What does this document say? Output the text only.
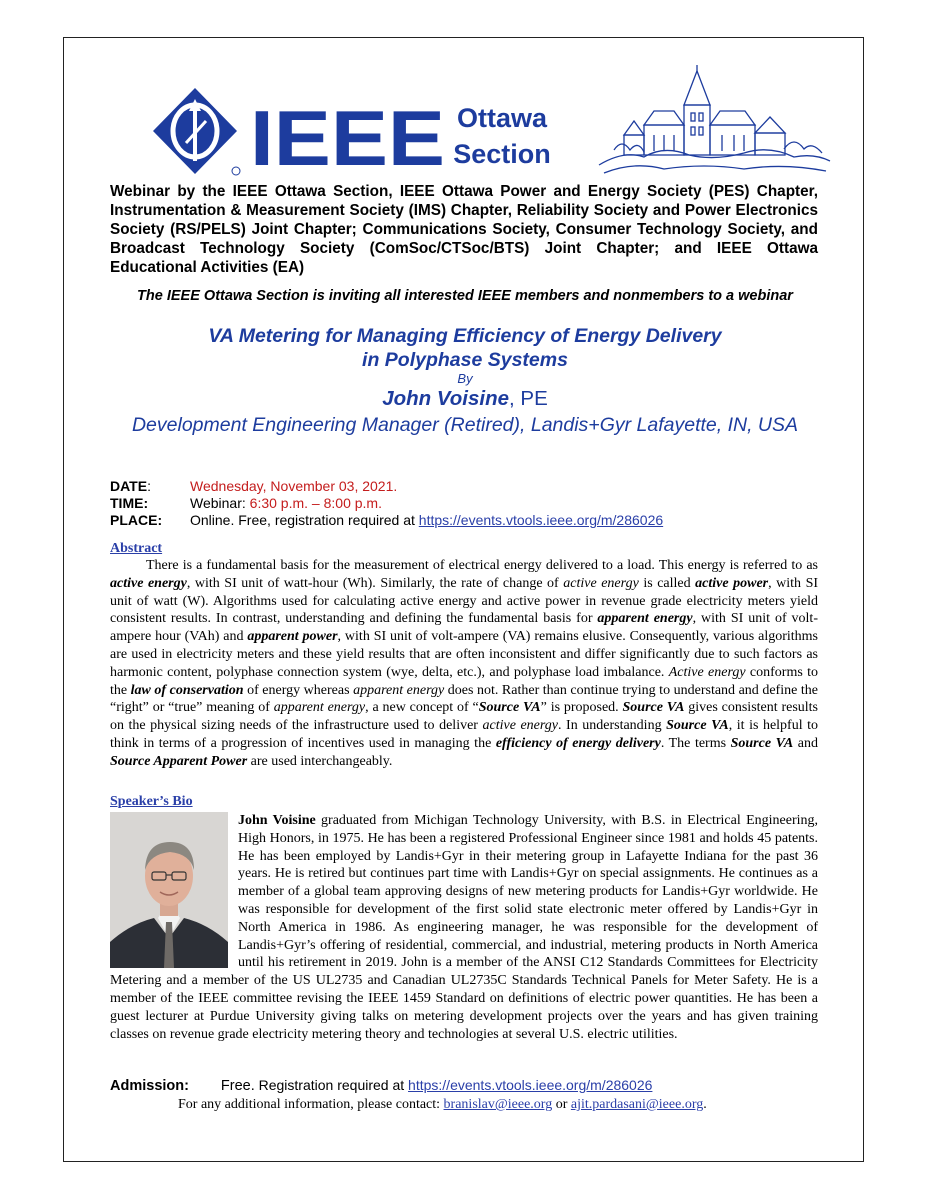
IEEE Ottawa
Section
Webinar by the IEEE Ottawa Section, IEEE Ottawa Power and Energy Society (PES) Chapter, Instrumentation & Measurement Society (IMS) Chapter, Reliability Society and Power Electronics Society (RS/PELS) Joint Chapter; Communications Society, Consumer Technology Society, and Broadcast Technology Society (ComSoc/CTSoc/BTS) Joint Chapter; and IEEE Ottawa Educational Activities (EA)
The IEEE Ottawa Section is inviting all interested IEEE members and nonmembers to a webinar
VA Metering for Managing Efficiency of Energy Delivery
in Polyphase Systems
By
John Voisine, PE
Development Engineering Manager (Retired), Landis+Gyr Lafayette, IN, USA
DATE:	Wednesday, November 03, 2021.
TIME:	Webinar: 6:30 p.m. – 8:00 p.m.
PLACE:	Online. Free, registration required at https://events.vtools.ieee.org/m/286026
Abstract
There is a fundamental basis for the measurement of electrical energy delivered to a load. This energy is referred to as active energy, with SI unit of watt-hour (Wh). Similarly, the rate of change of active energy is called active power, with SI unit of watt (W). Algorithms used for calculating active energy and active power in revenue grade electricity meters yield consistent results. In contrast, understanding and defining the fundamental basis for apparent energy, with SI unit of volt-ampere hour (VAh) and apparent power, with SI unit of volt-ampere (VA) remains elusive. Consequently, various algorithms are used in electricity meters and these yield results that are often inconsistent and differ significantly due to such factors as harmonic content, polyphase connection system (wye, delta, etc.), and polyphase load imbalance. Active energy conforms to the law of conservation of energy whereas apparent energy does not. Rather than continue trying to understand and define the “right” or “true” meaning of apparent energy, a new concept of “Source VA” is proposed. Source VA gives consistent results on the physical sizing needs of the infrastructure used to deliver active energy. In understanding Source VA, it is helpful to think in terms of a progression of incentives used in managing the efficiency of energy delivery. The terms Source VA and Source Apparent Power are used interchangeably.
Speaker’s Bio
John Voisine graduated from Michigan Technology University, with B.S. in Electrical Engineering, High Honors, in 1975. He has been a registered Professional Engineer since 1981 and holds 45 patents. He has been employed by Landis+Gyr in their metering group in Lafayette Indiana for the past 36 years. He is retired but continues part time with Landis+Gyr on special assignments. He continues as a member of a global team approving designs of new metering products for Landis+Gyr worldwide. He was responsible for development of the first solid state electronic meter offered by Landis+Gyr in North America in 1986. As engineering manager, he was responsible for the development of Landis+Gyr’s offering of residential, commercial, and industrial, metering products in North America until his retirement in 2019. John is a member of the ANSI C12 Standards Committees for Electricity Metering and a member of the US UL2735 and Canadian UL2735C Standards Technical Panels for Meter Safety. He is a member of the IEEE committee revising the IEEE 1459 Standard on definitions of electric power quantities. He has been a guest lecturer at Purdue University giving talks on metering development projects over the years and has given training classes on revenue grade electricity metering theory and technologies at several U.S. electric utilities.
Admission: Free. Registration required at https://events.vtools.ieee.org/m/286026
For any additional information, please contact: branislav@ieee.org or ajit.pardasani@ieee.org.
